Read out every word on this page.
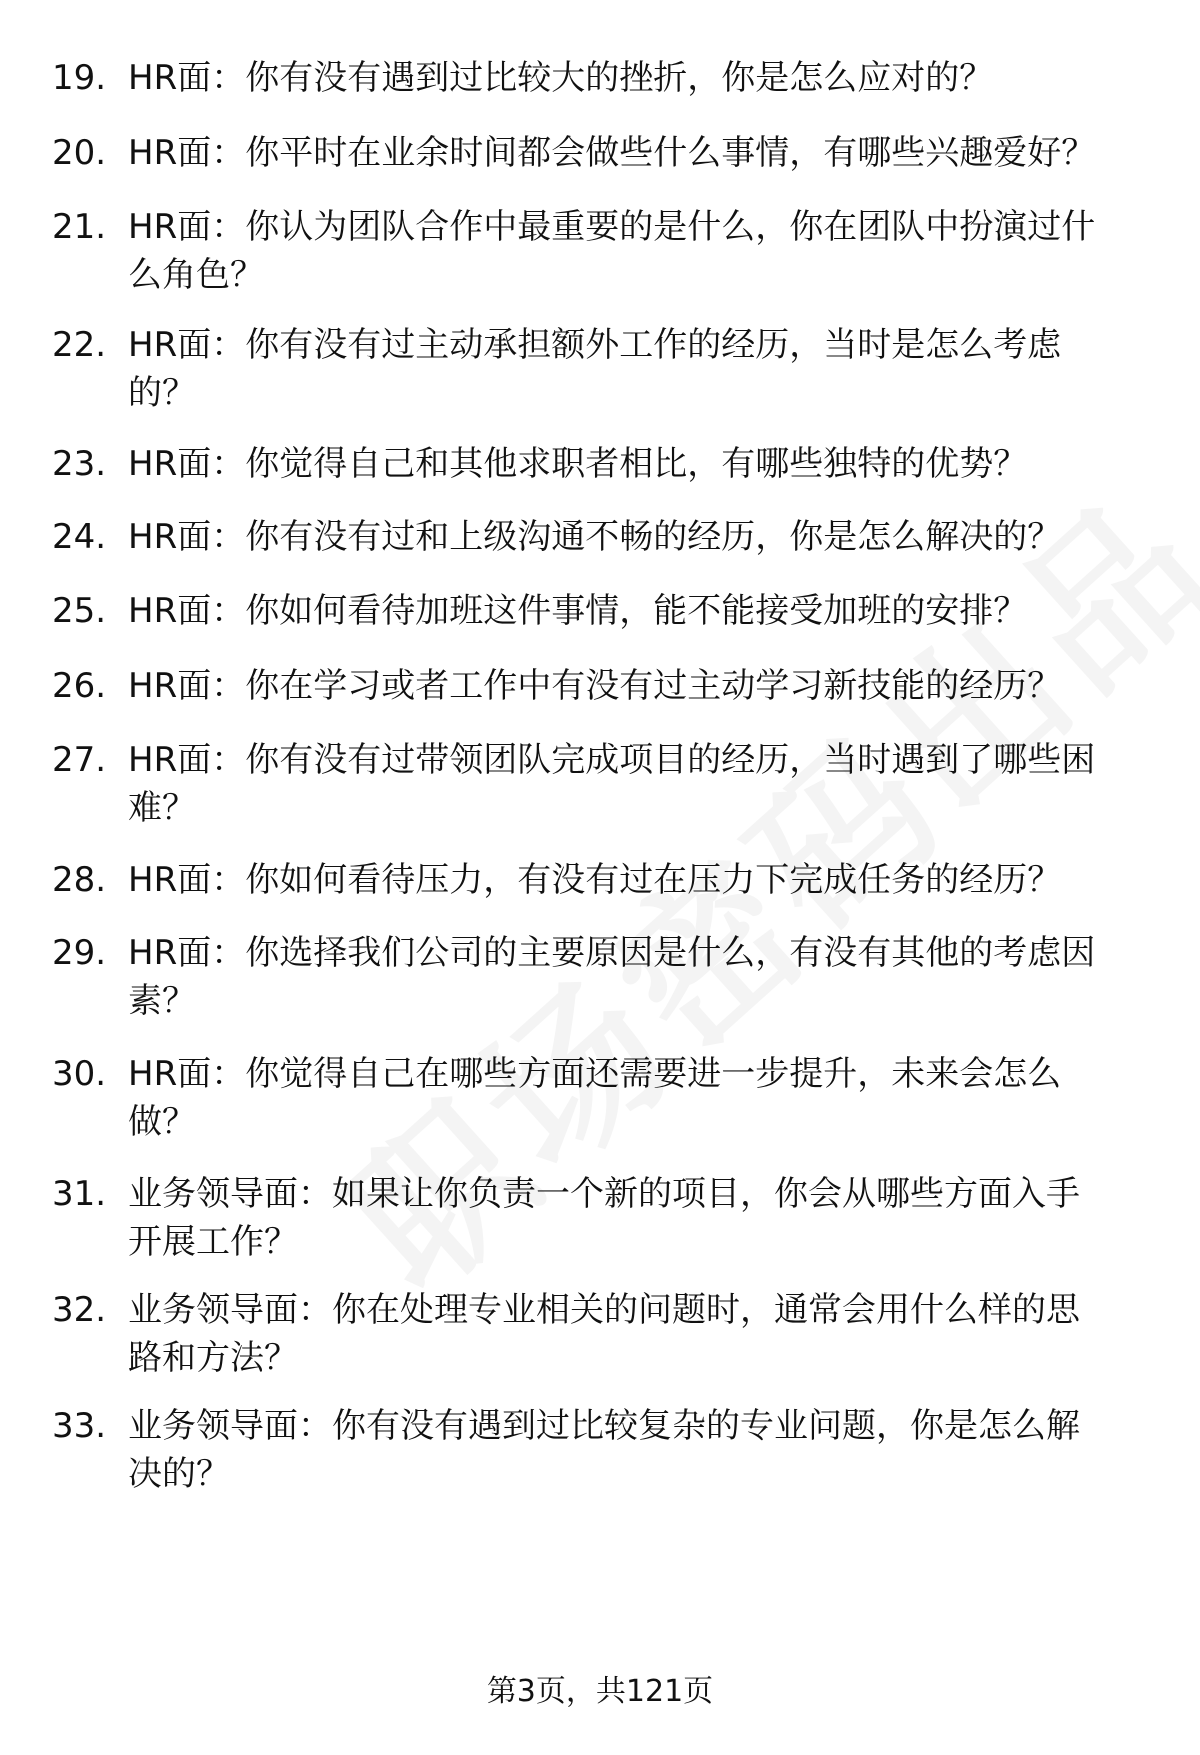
19. HR面：你有没有遇到过比较大的挫折，你是怎么应对的？
20. HR面：你平时在业余时间都会做些什么事情，有哪些兴趣爱好？
21. HR面：你认为团队合作中最重要的是什么，你在团队中扮演过什
么角色？
22. HR面：你有没有过主动承担额外工作的经历，当时是怎么考虑
的？
23. HR面：你觉得自己和其他求职者相比，有哪些独特的优势？
24. HR面：你有没有过和上级沟通不畅的经历，你是怎么解决的？
25. HR面：你如何看待加班这件事情，能不能接受加班的安排？
26. HR面：你在学习或者工作中有没有过主动学习新技能的经历？
27. HR面：你有没有过带领团队完成项目的经历，当时遇到了哪些困
难？
28. HR面：你如何看待压力，有没有过在压力下完成任务的经历？
29. HR面：你选择我们公司的主要原因是什么，有没有其他的考虑因
素？
30. HR面：你觉得自己在哪些方面还需要进一步提升，未来会怎么
做？
31. 业务领导面：如果让你负责一个新的项目，你会从哪些方面入手
开展工作？
32. 业务领导面：你在处理专业相关的问题时，通常会用什么样的思
路和方法？
33. 业务领导面：你有没有遇到过比较复杂的专业问题，你是怎么解
决的？
第3页，共121页
